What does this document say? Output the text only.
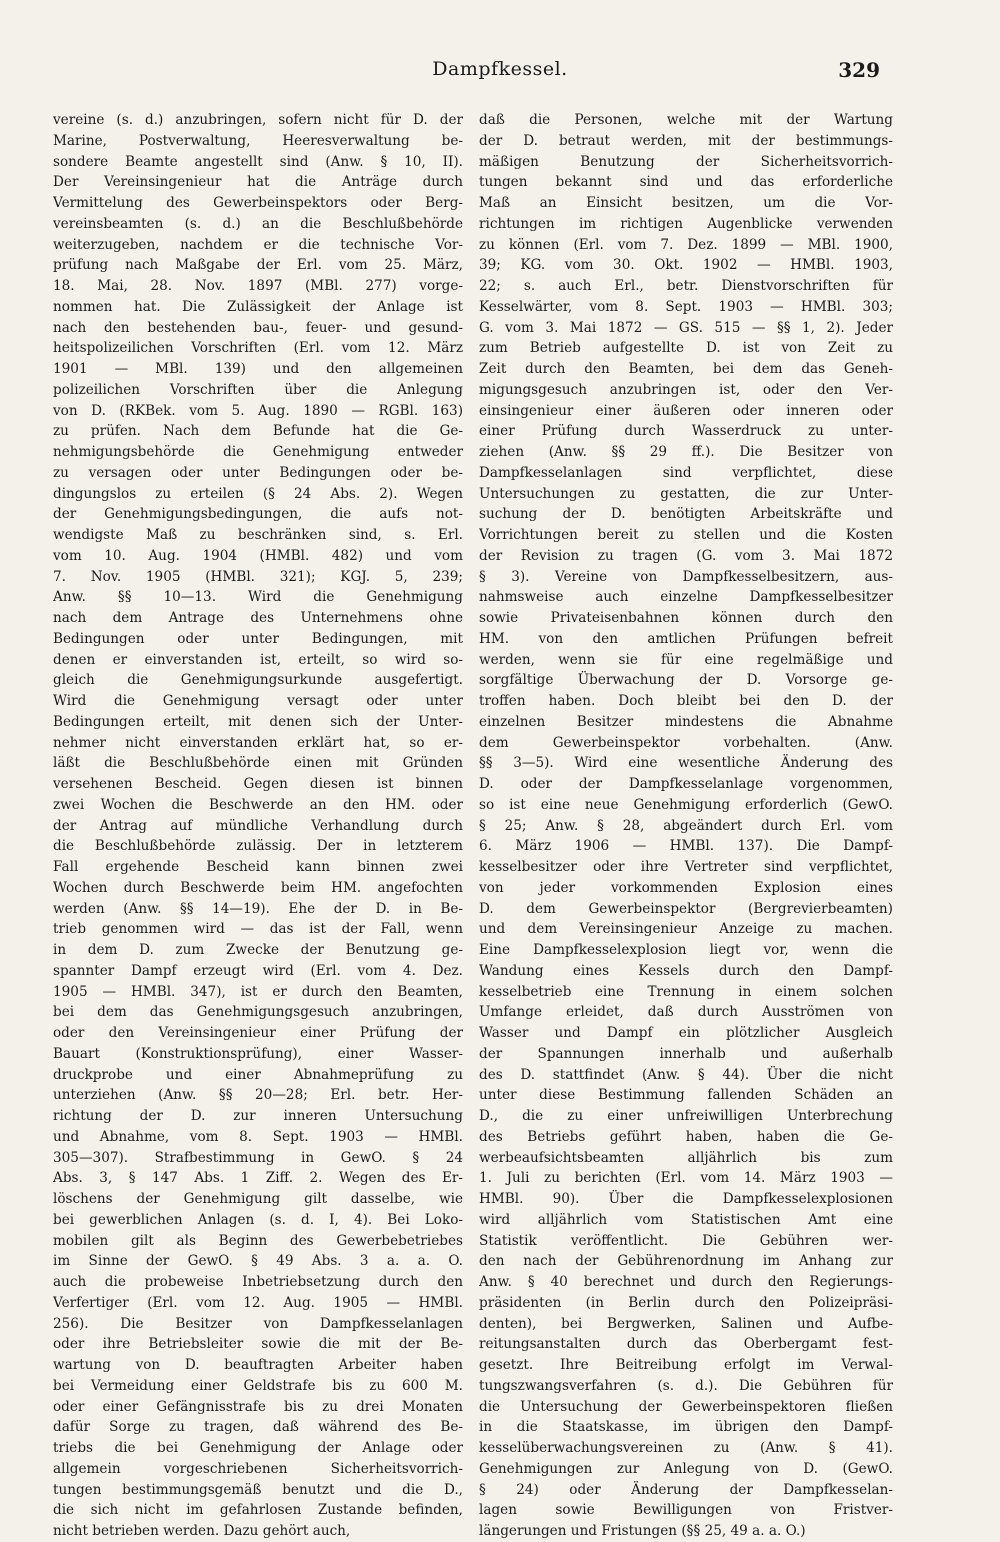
Dampfkessel.	329
vereine (s. d.) anzubringen, sofern nicht für D. der
Marine, Postverwaltung, Heeresverwaltung be-
sondere Beamte angestellt sind (Anw. § 10, II).
Der Vereinsingenieur hat die Anträge durch
Vermittelung des Gewerbeinspektors oder Berg-
vereinsbeamten (s. d.) an die Beschlußbehörde
weiterzugeben, nachdem er die technische Vor-
prüfung nach Maßgabe der Erl. vom 25. März,
18. Mai, 28. Nov. 1897 (MBl. 277) vorge-
nommen hat. Die Zulässigkeit der Anlage ist
nach den bestehenden bau-, feuer- und gesund-
heitspolizeilichen Vorschriften (Erl. vom 12. März
1901 — MBl. 139) und den allgemeinen
polizeilichen Vorschriften über die Anlegung
von D. (RKBek. vom 5. Aug. 1890 — RGBl. 163)
zu prüfen. Nach dem Befunde hat die Ge-
nehmigungsbehörde die Genehmigung entweder
zu versagen oder unter Bedingungen oder be-
dingungslos zu erteilen (§ 24 Abs. 2). Wegen
der Genehmigungsbedingungen, die aufs not-
wendigste Maß zu beschränken sind, s. Erl.
vom 10. Aug. 1904 (HMBl. 482) und vom
7. Nov. 1905 (HMBl. 321); KGJ. 5, 239;
Anw. §§ 10—13. Wird die Genehmigung
nach dem Antrage des Unternehmens ohne
Bedingungen oder unter Bedingungen, mit
denen er einverstanden ist, erteilt, so wird so-
gleich die Genehmigungsurkunde ausgefertigt.
Wird die Genehmigung versagt oder unter
Bedingungen erteilt, mit denen sich der Unter-
nehmer nicht einverstanden erklärt hat, so er-
läßt die Beschlußbehörde einen mit Gründen
versehenen Bescheid. Gegen diesen ist binnen
zwei Wochen die Beschwerde an den HM. oder
der Antrag auf mündliche Verhandlung durch
die Beschlußbehörde zulässig. Der in letzterem
Fall ergehende Bescheid kann binnen zwei
Wochen durch Beschwerde beim HM. angefochten
werden (Anw. §§ 14—19). Ehe der D. in Be-
trieb genommen wird — das ist der Fall, wenn
in dem D. zum Zwecke der Benutzung ge-
spannter Dampf erzeugt wird (Erl. vom 4. Dez.
1905 — HMBl. 347), ist er durch den Beamten,
bei dem das Genehmigungsgesuch anzubringen,
oder den Vereinsingenieur einer Prüfung der
Bauart (Konstruktionsprüfung), einer Wasser-
druckprobe und einer Abnahmeprüfung zu
unterziehen (Anw. §§ 20—28; Erl. betr. Her-
richtung der D. zur inneren Untersuchung
und Abnahme, vom 8. Sept. 1903 — HMBl.
305—307). Strafbestimmung in GewO. § 24
Abs. 3, § 147 Abs. 1 Ziff. 2. Wegen des Er-
löschens der Genehmigung gilt dasselbe, wie
bei gewerblichen Anlagen (s. d. I, 4). Bei Loko-
mobilen gilt als Beginn des Gewerbebetriebes
im Sinne der GewO. § 49 Abs. 3 a. a. O.
auch die probeweise Inbetriebsetzung durch den
Verfertiger (Erl. vom 12. Aug. 1905 — HMBl.
256). Die Besitzer von Dampfkesselanlagen
oder ihre Betriebsleiter sowie die mit der Be-
wartung von D. beauftragten Arbeiter haben
bei Vermeidung einer Geldstrafe bis zu 600 M.
oder einer Gefängnisstrafe bis zu drei Monaten
dafür Sorge zu tragen, daß während des Be-
triebs die bei Genehmigung der Anlage oder
allgemein vorgeschriebenen Sicherheitsvorrich-
tungen bestimmungsgemäß benutzt und die D.,
die sich nicht im gefahrlosen Zustande befinden,
nicht betrieben werden. Dazu gehört auch,
daß die Personen, welche mit der Wartung
der D. betraut werden, mit der bestimmungs-
mäßigen Benutzung der Sicherheitsvorrich-
tungen bekannt sind und das erforderliche
Maß an Einsicht besitzen, um die Vor-
richtungen im richtigen Augenblicke verwenden
zu können (Erl. vom 7. Dez. 1899 — MBl. 1900,
39; KG. vom 30. Okt. 1902 — HMBl. 1903,
22; s. auch Erl., betr. Dienstvorschriften für
Kesselwärter, vom 8. Sept. 1903 — HMBl. 303;
G. vom 3. Mai 1872 — GS. 515 — §§ 1, 2). Jeder
zum Betrieb aufgestellte D. ist von Zeit zu
Zeit durch den Beamten, bei dem das Geneh-
migungsgesuch anzubringen ist, oder den Ver-
einsingenieur einer äußeren oder inneren oder
einer Prüfung durch Wasserdruck zu unter-
ziehen (Anw. §§ 29 ff.). Die Besitzer von
Dampfkesselanlagen sind verpflichtet, diese
Untersuchungen zu gestatten, die zur Unter-
suchung der D. benötigten Arbeitskräfte und
Vorrichtungen bereit zu stellen und die Kosten
der Revision zu tragen (G. vom 3. Mai 1872
§ 3). Vereine von Dampfkesselbesitzern, aus-
nahmsweise auch einzelne Dampfkesselbesitzer
sowie Privateisenbahnen können durch den
HM. von den amtlichen Prüfungen befreit
werden, wenn sie für eine regelmäßige und
sorgfältige Überwachung der D. Vorsorge ge-
troffen haben. Doch bleibt bei den D. der
einzelnen Besitzer mindestens die Abnahme
dem Gewerbeinspektor vorbehalten. (Anw.
§§ 3—5). Wird eine wesentliche Änderung des
D. oder der Dampfkesselanlage vorgenommen,
so ist eine neue Genehmigung erforderlich (GewO.
§ 25; Anw. § 28, abgeändert durch Erl. vom
6. März 1906 — HMBl. 137). Die Dampf-
kesselbesitzer oder ihre Vertreter sind verpflichtet,
von jeder vorkommenden Explosion eines
D. dem Gewerbeinspektor (Bergrevierbeamten)
und dem Vereinsingenieur Anzeige zu machen.
Eine Dampfkesselexplosion liegt vor, wenn die
Wandung eines Kessels durch den Dampf-
kesselbetrieb eine Trennung in einem solchen
Umfange erleidet, daß durch Ausströmen von
Wasser und Dampf ein plötzlicher Ausgleich
der Spannungen innerhalb und außerhalb
des D. stattfindet (Anw. § 44). Über die nicht
unter diese Bestimmung fallenden Schäden an
D., die zu einer unfreiwilligen Unterbrechung
des Betriebs geführt haben, haben die Ge-
werbeaufsichtsbeamten alljährlich bis zum
1. Juli zu berichten (Erl. vom 14. März 1903 —
HMBl. 90). Über die Dampfkesselexplosionen
wird alljährlich vom Statistischen Amt eine
Statistik veröffentlicht. Die Gebühren wer-
den nach der Gebührenordnung im Anhang zur
Anw. § 40 berechnet und durch den Regierungs-
präsidenten (in Berlin durch den Polizeipräsi-
denten), bei Bergwerken, Salinen und Aufbe-
reitungsanstalten durch das Oberbergamt fest-
gesetzt. Ihre Beitreibung erfolgt im Verwal-
tungszwangsverfahren (s. d.). Die Gebühren für
die Untersuchung der Gewerbeinspektoren fließen
in die Staatskasse, im übrigen den Dampf-
kesselüberwachungsvereinen zu (Anw. § 41).
Genehmigungen zur Anlegung von D. (GewO.
§ 24) oder Änderung der Dampfkesselan-
lagen sowie Bewilligungen von Fristver-
längerungen und Fristungen (§§ 25, 49 a. a. O.)
